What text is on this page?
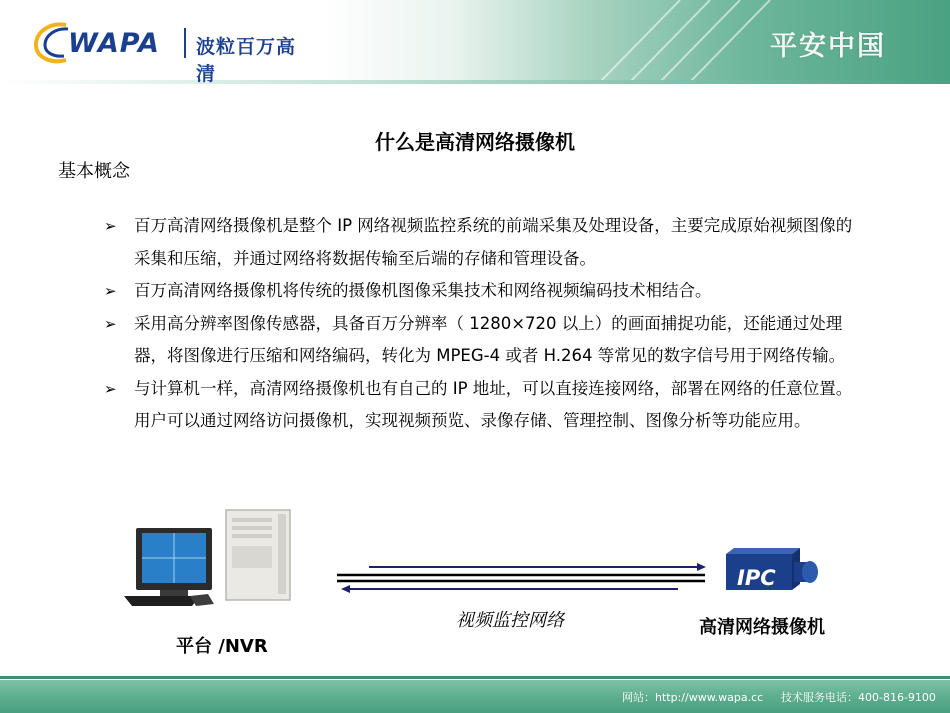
WAPA 波粒百万高清
平安中国
什么是高清网络摄像机
基本概念
➢ 百万高清网络摄像机是整个 IP 网络视频监控系统的前端采集及处理设备，主要完成原始视频图像的采集和压缩，并通过网络将数据传输至后端的存储和管理设备。
➢ 百万高清网络摄像机将传统的摄像机图像采集技术和网络视频编码技术相结合。
➢ 采用高分辨率图像传感器，具备百万分辨率（ 1280×720 以上）的画面捕捉功能，还能通过处理器，将图像进行压缩和网络编码，转化为 MPEG-4 或者 H.264 等常见的数字信号用于网络传输。
➢ 与计算机一样，高清网络摄像机也有自己的 IP 地址，可以直接连接网络，部署在网络的任意位置。用户可以通过网络访问摄像机，实现视频预览、录像存储、管理控制、图像分析等功能应用。
IPC
平台 /NVR
视频监控网络	高清网络摄像机
网站：http://www.wapa.cc 技术服务电话：400-816-9100
